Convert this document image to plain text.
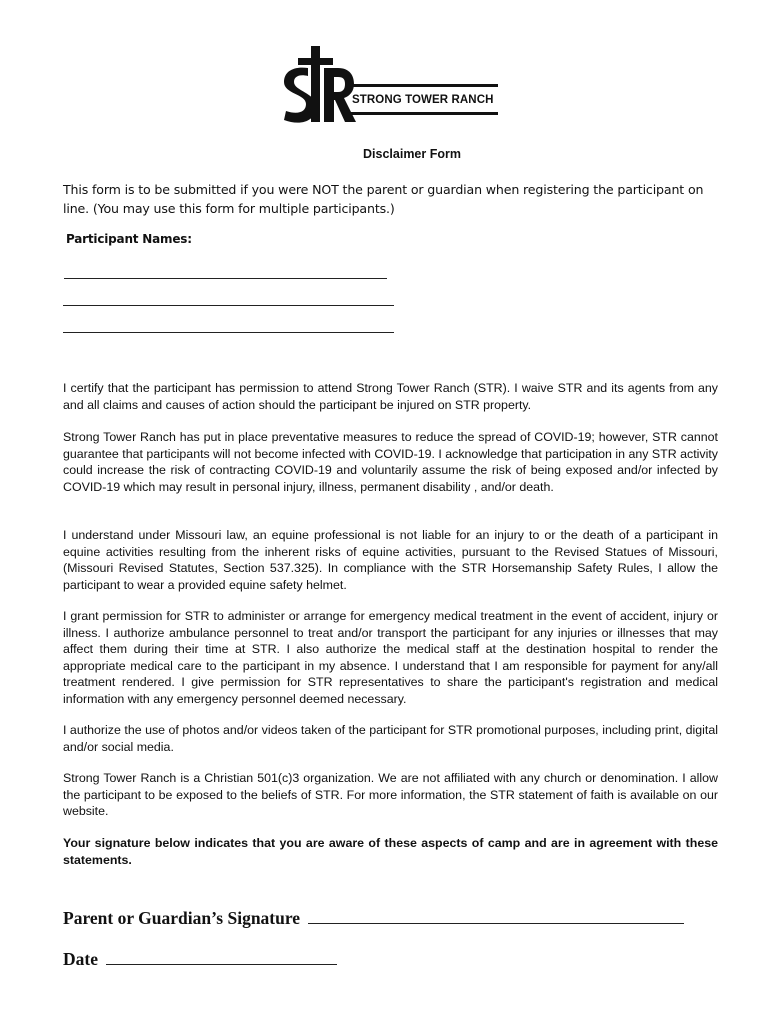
STRONG TOWER RANCH
Disclaimer Form
This form is to be submitted if you were NOT the parent or guardian when registering the participant on line. (You may use this form for multiple participants.)
Participant Names:
I certify that the participant has permission to attend Strong Tower Ranch (STR). I waive STR and its agents from any and all claims and causes of action should the participant be injured on STR property.
Strong Tower Ranch has put in place preventative measures to reduce the spread of COVID-19; however, STR cannot guarantee that participants will not become infected with COVID-19. I acknowledge that participation in any STR activity could increase the risk of contracting COVID-19 and voluntarily assume the risk of being exposed and/or infected by COVID-19 which may result in personal injury, illness, permanent disability , and/or death.
I understand under Missouri law, an equine professional is not liable for an injury to or the death of a participant in equine activities resulting from the inherent risks of equine activities, pursuant to the Revised Statues of Missouri, (Missouri Revised Statutes, Section 537.325). In compliance with the STR Horsemanship Safety Rules, I allow the participant to wear a provided equine safety helmet.
I grant permission for STR to administer or arrange for emergency medical treatment in the event of accident, injury or illness. I authorize ambulance personnel to treat and/or transport the participant for any injuries or illnesses that may affect them during their time at STR. I also authorize the medical staff at the destination hospital to render the appropriate medical care to the participant in my absence. I understand that I am responsible for payment for any/all treatment rendered. I give permission for STR representatives to share the participant's registration and medical information with any emergency personnel deemed necessary.
I authorize the use of photos and/or videos taken of the participant for STR promotional purposes, including print, digital and/or social media.
Strong Tower Ranch is a Christian 501(c)3 organization. We are not affiliated with any church or denomination. I allow the participant to be exposed to the beliefs of STR. For more information, the STR statement of faith is available on our website.
Your signature below indicates that you are aware of these aspects of camp and are in agreement with these statements.
Parent or Guardian’s Signature
Date
